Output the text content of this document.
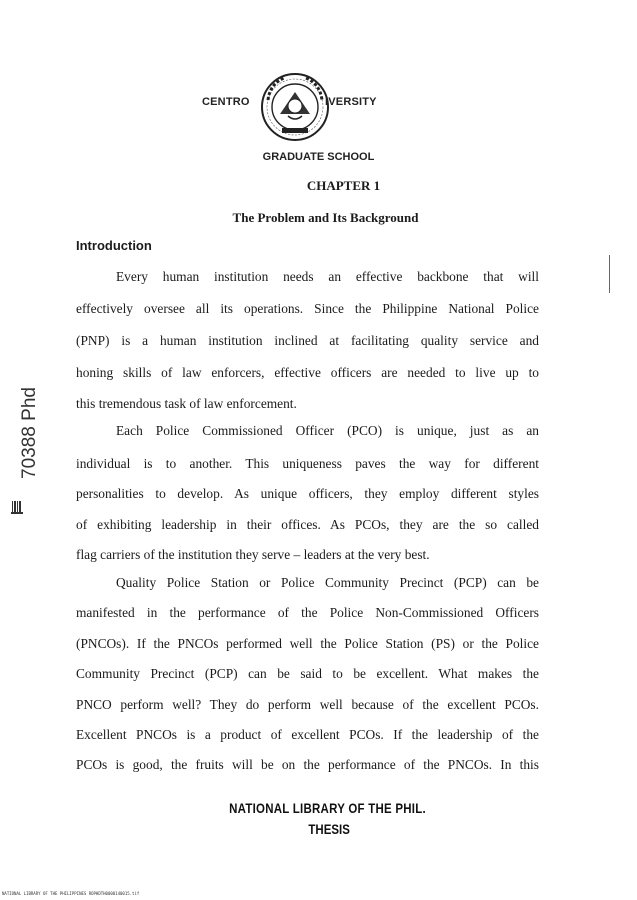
CENTRO	IVERSITY
GRADUATE SCHOOL
CHAPTER 1
The Problem and Its Background
Introduction
Every human institution needs an effective backbone that will
effectively oversee all its operations. Since the Philippine National Police
(PNP) is a human institution inclined at facilitating quality service and
honing skills of law enforcers, effective officers are needed to live up to
this tremendous task of law enforcement.
Each Police Commissioned Officer (PCO) is unique, just as an
individual is to another. This uniqueness paves the way for different
personalities to develop. As unique officers, they employ different styles
of exhibiting leadership in their offices. As PCOs, they are the so called
flag carriers of the institution they serve – leaders at the very best.
Quality Police Station or Police Community Precinct (PCP) can be
manifested in the performance of the Police Non-Commissioned Officers
(PNCOs). If the PNCOs performed well the Police Station (PS) or the Police
Community Precinct (PCP) can be said to be excellent. What makes the
PNCO perform well? They do perform well because of the excellent PCOs.
Excellent PNCOs is a product of excellent PCOs. If the leadership of the
PCOs is good, the fruits will be on the performance of the PNCOs. In this
70388 Phd
NATIONAL LIBRARY OF THE PHIL.
THESIS
NATIONAL LIBRARY OF THE PHILIPPINES ROPHDTH0000140015.tif
